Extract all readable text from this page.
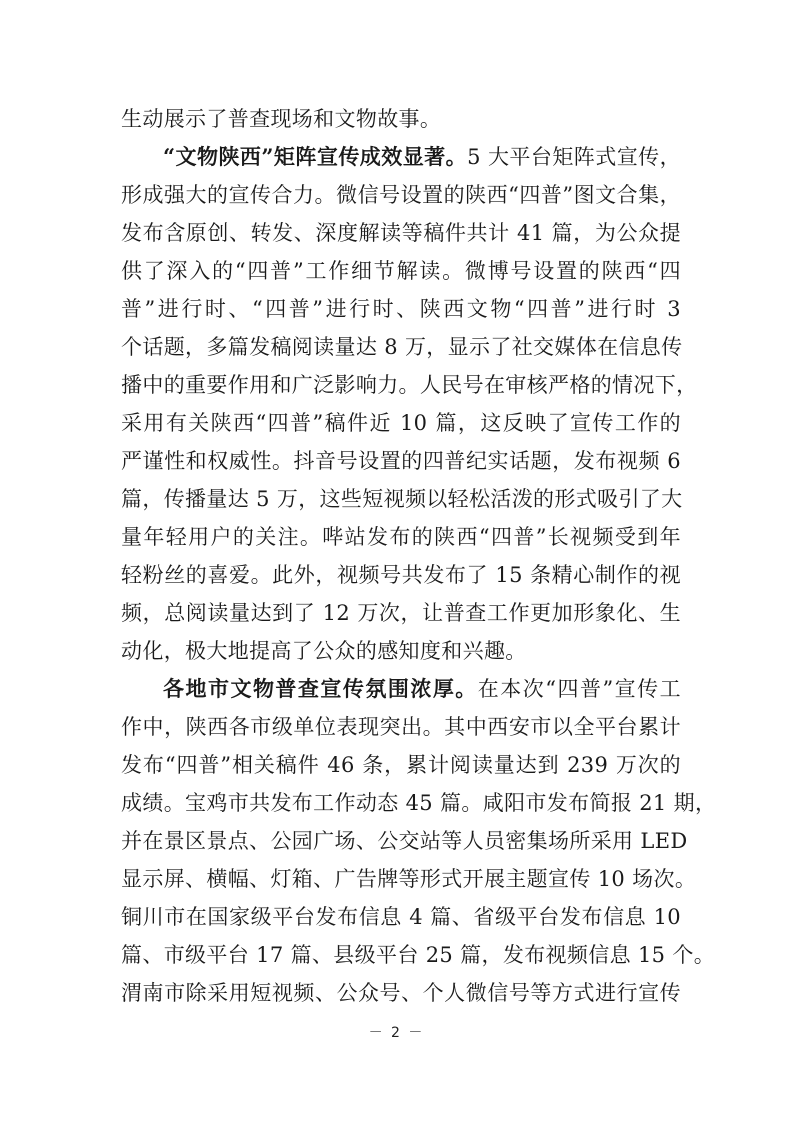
生动展示了普查现场和文物故事。
“文物陕西”矩阵宣传成效显著。5 大平台矩阵式宣传，
形成强大的宣传合力。微信号设置的陕西“四普”图文合集，
发布含原创、转发、深度解读等稿件共计 41 篇，为公众提
供了深入的“四普”工作细节解读。微博号设置的陕西“四
普”进行时、“四普”进行时、陕西文物“四普”进行时 3
个话题，多篇发稿阅读量达 8 万，显示了社交媒体在信息传
播中的重要作用和广泛影响力。人民号在审核严格的情况下，
采用有关陕西“四普”稿件近 10 篇，这反映了宣传工作的
严谨性和权威性。抖音号设置的四普纪实话题，发布视频 6
篇，传播量达 5 万，这些短视频以轻松活泼的形式吸引了大
量年轻用户的关注。哔站发布的陕西“四普”长视频受到年
轻粉丝的喜爱。此外，视频号共发布了 15 条精心制作的视
频，总阅读量达到了 12 万次，让普查工作更加形象化、生
动化，极大地提高了公众的感知度和兴趣。
各地市文物普查宣传氛围浓厚。在本次“四普”宣传工
作中，陕西各市级单位表现突出。其中西安市以全平台累计
发布“四普”相关稿件 46 条，累计阅读量达到 239 万次的
成绩。宝鸡市共发布工作动态 45 篇。咸阳市发布简报 21 期，
并在景区景点、公园广场、公交站等人员密集场所采用 LED
显示屏、横幅、灯箱、广告牌等形式开展主题宣传 10 场次。
铜川市在国家级平台发布信息 4 篇、省级平台发布信息 10
篇、市级平台 17 篇、县级平台 25 篇，发布视频信息 15 个。
渭南市除采用短视频、公众号、个人微信号等方式进行宣传
－ 2 －
